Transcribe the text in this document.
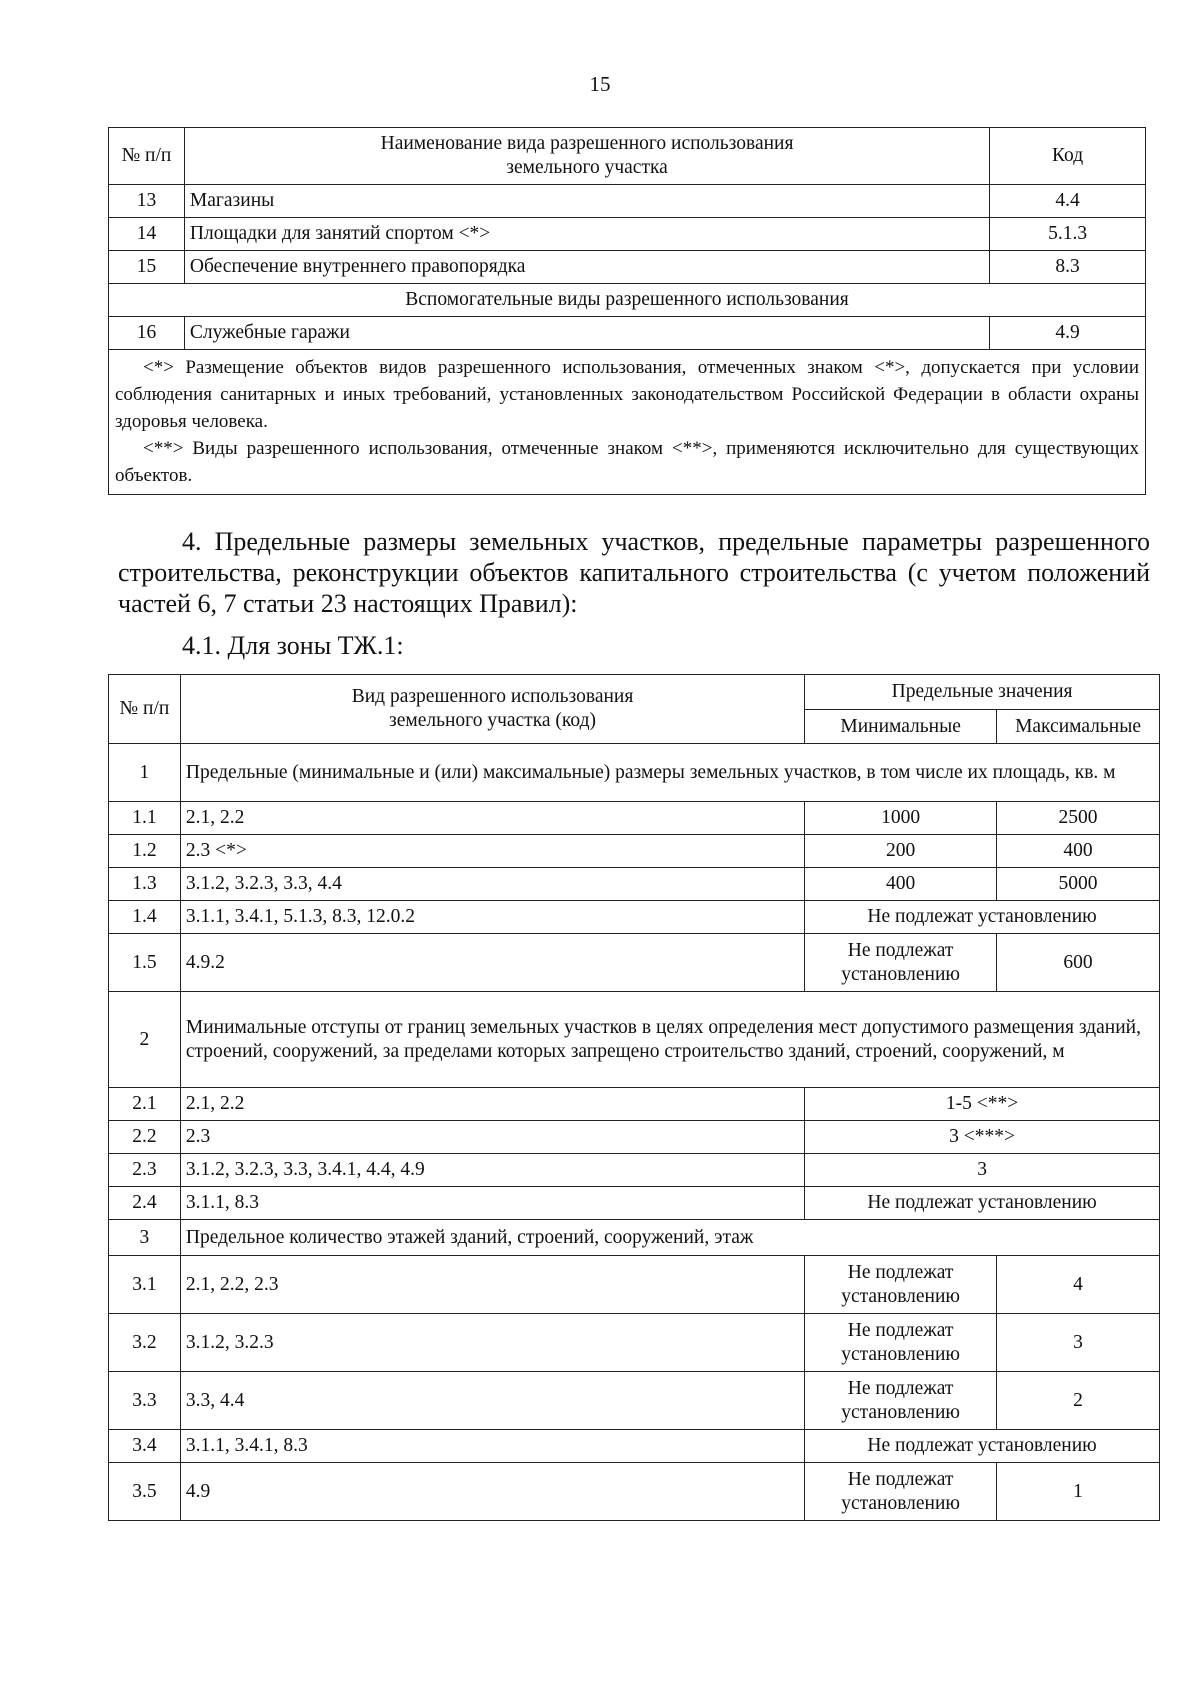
15
№ п/п	Наименование вида разрешенного использования земельного участка	Код
13	Магазины	4.4
14	Площадки для занятий спортом <*>	5.1.3
15	Обеспечение внутреннего правопорядка	8.3
Вспомогательные виды разрешенного использования		
16	Служебные гаражи	4.9

<*> Размещение объектов видов разрешенного использования, отмеченных знаком <*>, допускается при условии соблюдения санитарных и иных требований, установленных законодательством Российской Федерации в области охраны здоровья человека.

<**> Виды разрешенного использования, отмеченные знаком <**>, применяются исключительно для существующих объектов.		

4. Предельные размеры земельных участков, предельные параметры разрешенного строительства, реконструкции объектов капитального строительства (с учетом положений частей 6, 7 статьи 23 настоящих Правил):
4.1. Для зоны ТЖ.1:
№ п/п	Вид разрешенного использования земельного участка (код)	Предельные значения	
		Минимальные	Максимальные
1	Предельные (минимальные и (или) максимальные) размеры земельных участков, в том числе их площадь, кв. м		
1.1	2.1, 2.2	1000	2500
1.2	2.3 <*>	200	400
1.3	3.1.2, 3.2.3, 3.3, 4.4	400	5000
1.4	3.1.1, 3.4.1, 5.1.3, 8.3, 12.0.2	Не подлежат установлению	
1.5	4.9.2	Не подлежат установлению	600
2	Минимальные отступы от границ земельных участков в целях определения мест допустимого размещения зданий, строений, сооружений, за пределами которых запрещено строительство зданий, строений, сооружений, м		
2.1	2.1, 2.2	1-5 <**>	
2.2	2.3	3 <***>	
2.3	3.1.2, 3.2.3, 3.3, 3.4.1, 4.4, 4.9	3	
2.4	3.1.1, 8.3	Не подлежат установлению	
3	Предельное количество этажей зданий, строений, сооружений, этаж		
3.1	2.1, 2.2, 2.3	Не подлежат установлению	4
3.2	3.1.2, 3.2.3	Не подлежат установлению	3
3.3	3.3, 4.4	Не подлежат установлению	2
3.4	3.1.1, 3.4.1, 8.3	Не подлежат установлению	
3.5	4.9	Не подлежат установлению	1
